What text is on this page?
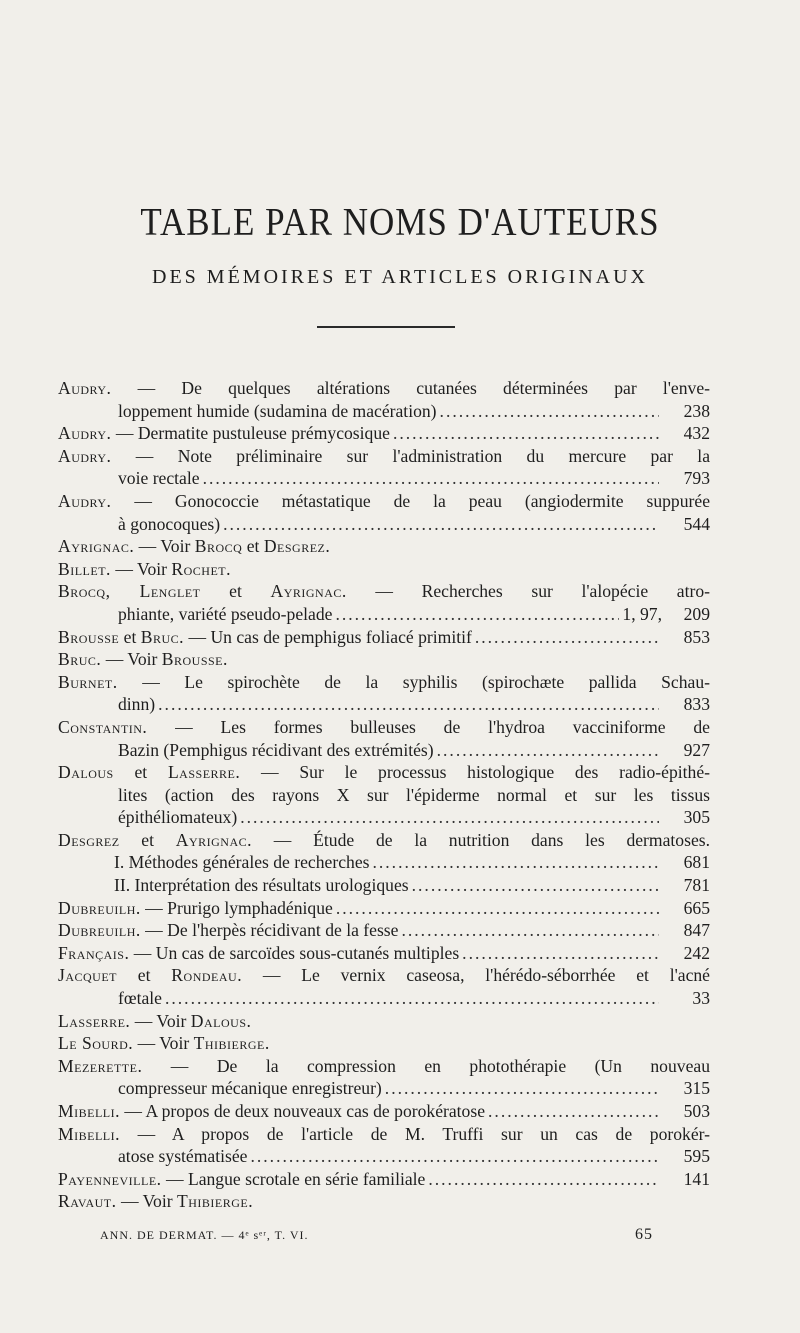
TABLE PAR NOMS D'AUTEURS
DES MÉMOIRES ET ARTICLES ORIGINAUX
Audry. — De quelques altérations cutanées déterminées par l'enve-
loppement humide (sudamina de macération) .....	238
Audry. — Dermatite pustuleuse prémycosique .....	432
Audry. — Note préliminaire sur l'administration du mercure par la
voie rectale .....	793
Audry. — Gonococcie métastatique de la peau (angiodermite suppurée
à gonocoques) .....	544
Ayrignac. — Voir Brocq et Desgrez.
Billet. — Voir Rochet.
Brocq, Lenglet et Ayrignac. — Recherches sur l'alopécie atro-
phiante, variété pseudo-pelade .....	1, 97,	209
Brousse et Bruc. — Un cas de pemphigus foliacé primitif .....	853
Bruc. — Voir Brousse.
Burnet. — Le spirochète de la syphilis (spirochæte pallida Schau-
dinn) .....	833
Constantin. — Les formes bulleuses de l'hydroa vacciniforme de
Bazin (Pemphigus récidivant des extrémités) .....	927
Dalous et Lasserre. — Sur le processus histologique des radio-épithé-
lites (action des rayons X sur l'épiderme normal et sur les tissus
épithéliomateux) .....	305
Desgrez et Ayrignac. — Étude de la nutrition dans les dermatoses.
I. Méthodes générales de recherches .....	681
II. Interprétation des résultats urologiques .....	781
Dubreuilh. — Prurigo lymphadénique .....	665
Dubreuilh. — De l'herpès récidivant de la fesse .....	847
Français. — Un cas de sarcoïdes sous-cutanés multiples .....	242
Jacquet et Rondeau. — Le vernix caseosa, l'hérédo-séborrhée et l'acné
fœtale .....	33
Lasserre. — Voir Dalous.
Le Sourd. — Voir Thibierge.
Mezerette. — De la compression en photothérapie (Un nouveau
compresseur mécanique enregistreur) .....	315
Mibelli. — A propos de deux nouveaux cas de porokératose .....	503
Mibelli. — A propos de l'article de M. Truffi sur un cas de porokér-
atose systématisée .....	595
Payenneville. — Langue scrotale en série familiale .....	141
Ravaut. — Voir Thibierge.
ANN. DE DERMAT. — 4ᵉ sᵉʳ, T. VI.	65
